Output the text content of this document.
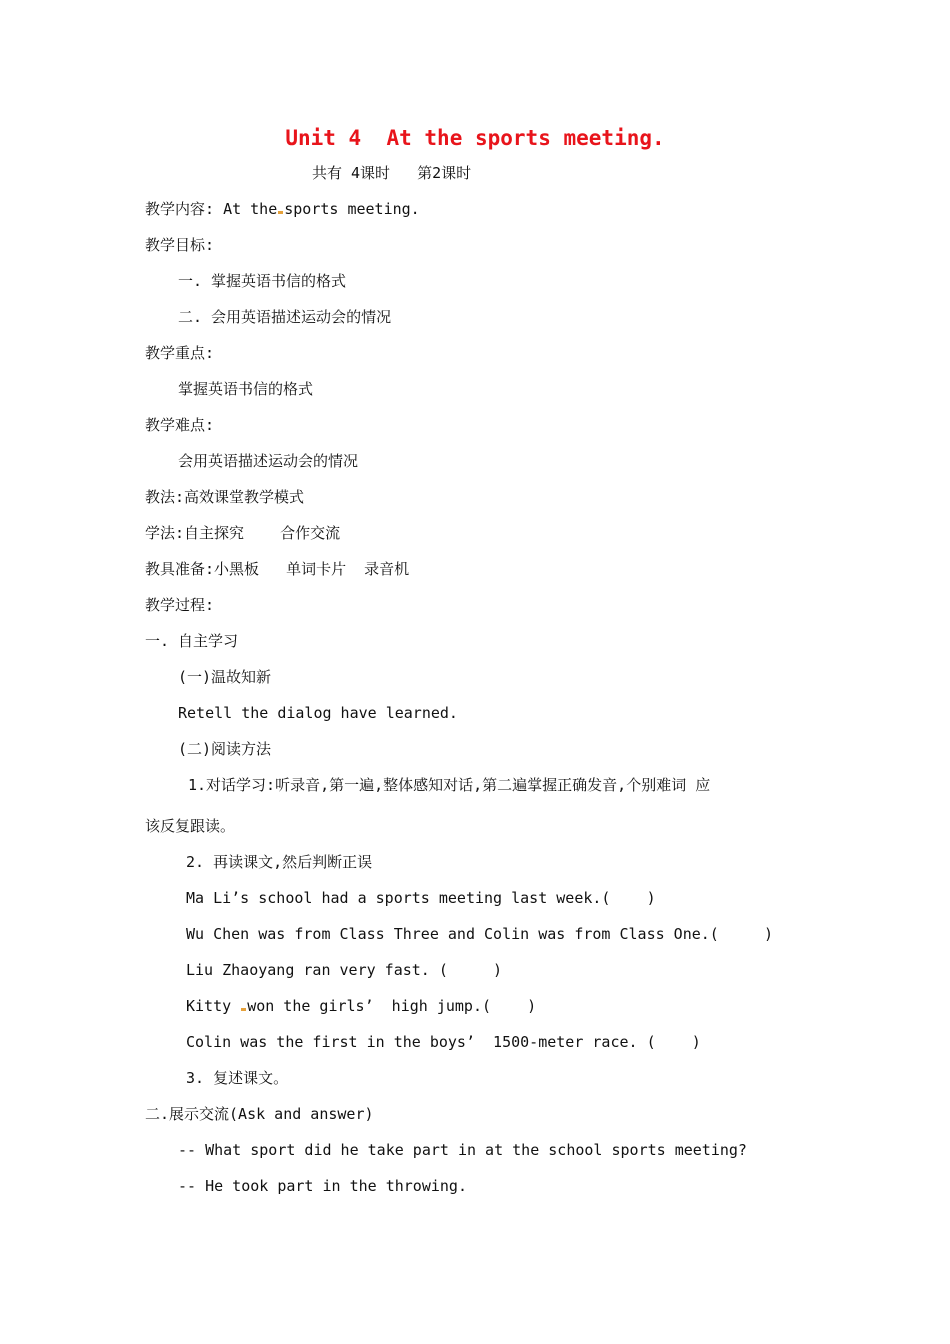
Unit 4  At the sports meeting.
共有 4课时   第2课时
教学内容: At the sports meeting.
教学目标:
一. 掌握英语书信的格式
二. 会用英语描述运动会的情况
教学重点:
掌握英语书信的格式
教学难点:
会用英语描述运动会的情况
教法:高效课堂教学模式
学法:自主探究    合作交流
教具准备:小黑板   单词卡片  录音机
教学过程:
一. 自主学习
(一)温故知新
Retell the dialog have learned.
(二)阅读方法
1.对话学习:听录音,第一遍,整体感知对话,第二遍掌握正确发音,个别难词 应
该反复跟读。
2. 再读课文,然后判断正误
Ma Li’s school had a sports meeting last week.(    )
Wu Chen was from Class Three and Colin was from Class One.(     )
Liu Zhaoyang ran very fast. (     )
Kitty won the girls’  high jump.(    )
Colin was the first in the boys’  1500-meter race. (    )
3. 复述课文。
二.展示交流(Ask and answer)
-- What sport did he take part in at the school sports meeting?
-- He took part in the throwing.
